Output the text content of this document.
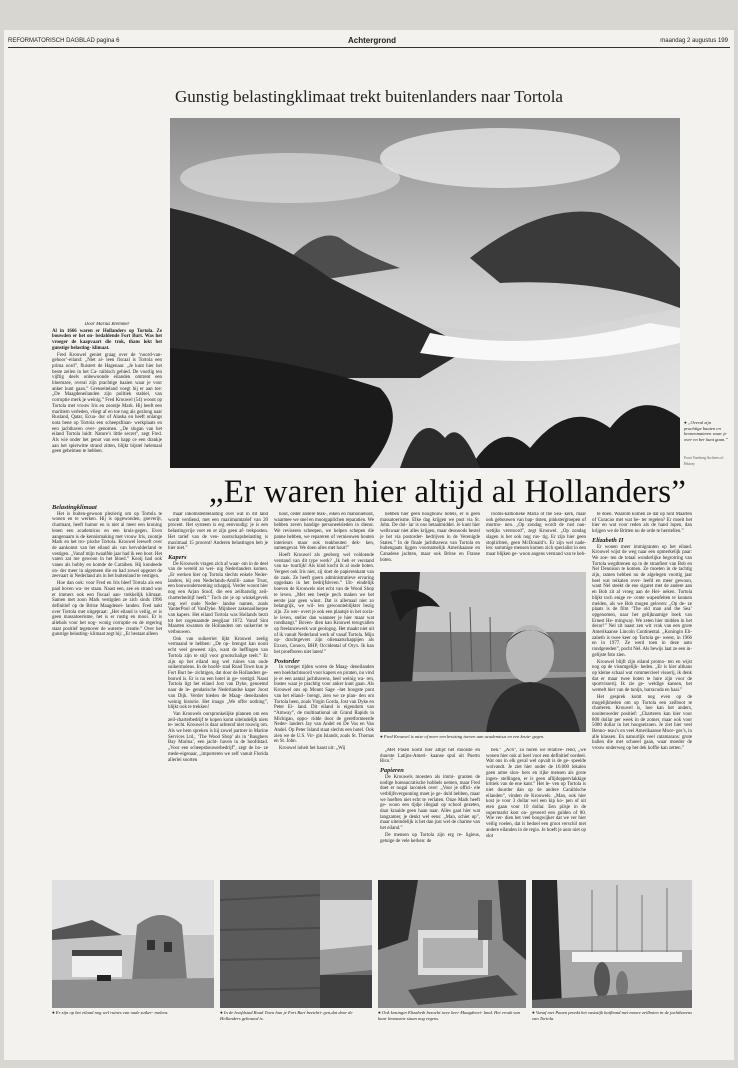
REFORMATORISCH DAGBLAD pagina 6	Achtergrond	maandag 2 augustus 199
Gunstig belastingklimaat trekt buitenlanders naar Tortola
● „Overal zijn prachtige baaien en kronenmateren waar je over en ber kunt gaan.”
Foort Voorberg Archives of History

Door Marius Bremmer

Al in 1666 waren er Hollanders op Tortola. Ze bouwden er het on- bedaldende Fort Burt. Was het vroeger de kaapvaart die trok, thans lokt het gunstige belasting- klimaat.

Fred Krouwel geniet graag over de ‘noord-van-gehoor’-eiland: „Niet al- leen fiscaal is Tortola een prima oord”, fluistert de Hagenaar. „Je kunt hier het beste zeilen in het Ca- raibisch gebied. De voorlig ten vijftig deels onbewoonde eilanden omtrent een bloemzee, overal zijn prachtige baaien waar je voor anker kunt gaan.” Grenseiteland voegt hij er aan toe: „De Maagdeneilanden zijn politiek stabiel, van corruptie merk je weinig.” Fred Krouwel (54) woont op Tortola met vrouw Iris en zoontje Mark. Hij heeft een maritiem verleden, vliegt af en toe nog als gezlong naar Rusland, Qatar, Ecua- dor of Alaska en heeft onlangs nota bene op Tortola een scheepsfinan- werkplaats en een jachthaven over- genomen. „De slogan van het eiland Tortola luidt: Nature’s little secret”, zegt Fred. Als wie onder het genot van een happ ce een drankje aan het spierwitte strand zitten, blijkt bijstel helemaal geen geheimen te hebben.

„Er waren hier altijd al Hollanders”
Belastingklimaat

Het is buiten-gewoon plezierig om op Tortola te wonen en te werken. Hij is opgewonden, goeverijt, charmant, heeft humor en is niet al meer een kroning lenen een academicus en een kruis-gegen. Even aangenaam is de kennismaking met vrouw Iris, zoontje Mark en het tro- pische Tortola. Krouwel leeweft over de aankomst van het eiland als van hervolderland te vestigen. „Vanaf mijn twaalfde jaar had ik een boot. Het varen zat me gewoon in het bloed.” Kooij had ook vanes als hobby en komde de Caraiben. Hij kondeede on- der meer in algemeen die en had zowel opgezet de zeevaart in Nederland als in het buitenland te vestigen.

Hoe dan ook: voor Fred en Iris bleef Tortola als een paal boven wa- ter staan. Naast een, zee en strand was er immers ook een fiscaal aan- trekkelijk klimaat. Samen met zoon Mark vestigden ze zich sinds 1996 definitief op de Britse Maagdenei- landen. Fred nakt over Tortola met uitgepraat: „Het eiland is veilig, er is geen massatoerisme, het is er rustig en mooi. Er is allebals voor het oog- wonig corruptie en de regering staat positief tegenover de waterre- creatie.” Over het gunstige belasting- klimaat zegt hij: „Er bestaat alleen

maar inkomstenbelasting over wat in dit land wordt verdiend, met een maximumtarief van 20 procent. Het systeem is erg eenvoudig: je is een belastingvrije voet en er zijn geen af- trekposten. Het tarief van de ven- nootschapsbelasting is maximaal 15 procent! Anderen belastingen heb je hier niet.”

Kapers

De Krouwels vragen zich af waar- om in de deel van de wereld zo wei- nig Nederlanders komen. „Er werken hier op Tortola slechts enkele Neder- landers, bij een Nederlands-Antilli- aanse Trust, een bouwonderneming schappij. Verder woont hier nog een Arjan Stoof, die een zeilbarsdig zeil- charterbedrijf heeft.” Toch zie je op winkelgevels nog wel oude Neder- landse namen, zoals VanterPool of VanDyke. Mijnheer zakenaolluepse van kapers. Het eiland Tortola was Hollands bezit tot het zogenaamde zeegijaar 1672. Vanaf Sint Maarten kwamen de Hollanders om suikerriet te verbouwen.

Ook van suikerriet lijkt Krouwel zeelig vermaand te hebben: „De op- brengst kan nooit echt veel geweest zijn, want de heffingen van Tortola zijn te stijl voor grootschalige teelt.” Er zijn op het eiland nog wel ruines van oude suikermolens. In de hoofd- stad Road Town kun je Fort Burt be- zichtigen, dat door de Hollanders ge- bouwd is. Er is nu een hotel in ge- vestigd. Naast Tortola ligt het eiland Jost van Dyke, genoemd naar de le- gendarische Nederlandse kaper Joost van Dijk. Verder hieden de Maag- deneilanden weinig historie. Het imago „We offer nothing”, blijkt ook te trekken!

Van Krouwels oorspronkelijke plannen om een zeil-charterbedrijf te kopen komt uiteindelijk niets te- recht. Krouwel is daar achteraf niet rouwig om. Als we hem spreken is hij zowel partner in Marine Services Ltd., ‘The Wood Shop’ als in ‘Baughers Bay Marina’, een jacht- haven in de hoofdstad. „Voor een scheepsbouwerbedrijf”, zegt de bo- ze mede-eigenaar, „importeren we zelf vanuit Florida allerlei soorten

hout, ceder andere teak-, eiken en mahoniehout, waarmee we snel en moorgaplichen reparatien. We hebben zeven handige personeelsleden in dienst. We reviseren scheepen, we helpen schepen die panne hebben, we repareren of vernieuwen houten interieurs maar ook teakhouten dek- ken, samengevat. We doen alles met hout!”

Hoeft Krouwel als geoborg wel voldoende verstand van dit type werk? „Ik heb er verstand van na- tuurlijk! Als kind kocht ik al oude boten. Vergeet ook Iris niet, zij doet de papierenkant van de zaak. Ze heeft goeru administratieve ervaring opgedaan in het bedrijfsleven.” Uit- eindelijk hoeven de Krouwels niet echt van de Wood Shop te leven. „Met een beetje pech maken we het eerste jaar geen winst. Dat is allemaal niet zo belangrijk, we wil- len gewoonteblijkter bezig zijn. Zo wer- overt je ook een plaatsje in het socia- le leven, steller dan wanneer je hier maar wat rondhangt.” Boven- dien kan Krouwel terugvallen op freelancewerk wat geologog. Het maakt niet uit of ik vanuit Nederland werk of vanaf Tortola. Mijn op- drachtgevers zijn olienaatschappijen als Exxon, Conoco, BHP, Occidental of Oryx. Ik kan het proefboren niet laten!”

Postorder

In vroeger tijden woren de Maag- deneilanden een boeldachtsoord voor kapers en piraten, nu vind je er een aantal jachthavens, heel weinig wa- ren, bustes waar je prachtig voor anker kunt gaan. Als Krouwel ons op Mount Sage –het hoogste punt van het eiland– brengt, zien we ze plan- den om Tortola heen, zoals Virgin Gorda, Jost van Dyke en Peter Ei- land. Dit eiland is eigendom van “Amway”, de multinational uit Grand Rapids in Michigan, oppo- ridde door de geretformeerde Neder- landers Jay van Andel en De Vos en Van Andel. Op Peter Island staat slechts een hotel. Ook zien we de U.S. Vir- gin Islands, zoals St. Thomas en St. John.

Krouwel ioheit het haast uit: „Wij

hebben hier geen hoogbouw hotels, er is geen massatoerisme. Elke dag krijgen we post via St. John. De dol- lar is ons betaalmiddel. Je kunt hier wellswaar niet alles krijgen, maar deonoods bestel je het via postorder- bedrijven in de Verenigde Staten.” In de finale jachthavens van Tortola en buitengaats liggen voornamelijk Amerikaanse en Canadese jachten, maar ook Britse en Franse boten.

rooms-katholieke Maria of the Sea- kerk, maar ook gebouwen van bap- tisten, pinkstergroepen of mormo- nen. „Op zondag wordt de rust nau- wetijks verstoord”, zegt Krouwel. „Op zondag slagen is het ook nog rus- tig. Er zijn hier geen stoplichten, geen McDonald’s. Er zijn wel nade- len: sommige mensen komen zich specialist in een maar blijken ge- woon angens verstand van te heb-

● Fred Krouwel is mise of meer een bruising toeven aan academicus en een kruiz- gegen.

„Met Pasen komt hier altijd het mooiste en duurste Latijns-Ameri- kaanse spul uit Puerto Rico.”

Papieren

De Krouwels moesten als immi- granten de nodige bureaucratische hobbels nemen, maar Fred doet er nogal laconiek over: „Voor je offici- ele verblijfsvergunning moet je ge- duld hebben, maar we hoeften niet echt te verlaten. Onze Mark heeft ge- woon een tijdje illegaal op school gezeten, daar kraaide geen haan naar. Alles gaat hier wat langzamer, je denkt wel eens: „Man, schiet op”, maar uiteindelijk is het dan just wel de charme van het eiland.”

De mensen op Tortola zijn erg re- ligieus, getuige de vele kerken: de

ben.” „Ach”, zo horen we relative- rend, „we wonen hier ook al heel voor een definitief oordeel. Wat ons in elk geval wel opvalt is de ge- speelde wolvandt. Je ziet hier onder de 16.000 lokalen geen arme slon- bers en rijke mensen als grote ingen- stellingen, er is geen aflijdoppervlakkige kritiek van de ene kant.” Het le- ven op Tortola is niet duurder dan op de andere Caraibische eilanden”, vinden de Krouwels. „Man, ook hier kost je voor 3 dollar wel een kip ko- pen of uit eten gaan voor 10 dollar. Een pilsje in de supermarkt kost on- geveerd een gulden of 80. Wie ver- dien het veel hoogwijker dat we ver hier veilig voelen, dat is bedoel een groot verschil met andere eilanden in de regio. Je hoeft je auto niet op slot

te doen. Waarom komen ze dat op Sint Maarten of Curacao met wat be- ter regelen? Er moeit het hier en wat voor reden als de hand lopen, dan krijgen we de Britten nu de orde te herstellen.”

Elizabeth II

Er wonen meer immigranten op het eiland. Krouwel wijst de weg naar een opmerkelijk paar: We zoe- ten de totaal wonderlijke begrotring van Tortola wegdtrenen op in de stranfiest van Bob en Nel Dennison te komen. Ze moeten in de tachtig zijn, ramen hebben nu de algelegen voortig jaar heel wat reikaten over- leefd en meer gewoon, want Nel steekt de ene sigaret met de andere aan en Bob zit al vroeg aan de Hei- neken. Tortola blijkt toch enige re- cente wapenfeiten te kunnen melden, als we Bob mogen geloven: „Op de- ze plaats is de film ‘The old man and the Sea’ opgenomen, naar het gelijknamige boek van Ernest He- mingway. We zeten hier midden in het decor!” Nel zit naast zen wit vrak van een grote Amerikaanse Lincoln Continental. „Koningin Eli- zabeth is twee keer op Tortola ge- weest, in 1966 en in 1977. Ze werd toen in deze auto rondgereden”, pocht Nel. Als bewijs laat ze een in- gelijste foto zien.

Krouwel blijft zijn eiland promo- ten en wijst nog op de visumgelijk- heden. „Er is hier althans op kleine schaal wat commercieel visserij, ik denk dat er maar twee boten te hure zijn voor de sportvisserij. Ik zie ge- weldige kansen, het wemelt hier van de tonijn, barracuda en haai.”

Het gesprek komt nog even op de mogelijkheden om op Tortola een zeilboot te charteren. Krouwel is, hoe kan het anders, nooitenweder positief: „Charteren kan hier voor 800 dollar per week in de zomer, maar ook voor 5000 dollar in het hoogseizoen. Je ziet hier veel Benno- teau’s en veel Amerikaanse Moor- ges’s, in alle klassen. En natuurlijk veel catamarans: grote hallen die met schoeel gaan, waar moeder de vrouw onderweg op het dek koffie kan zetten.”

● Er zijn op het eiland nog wel ruines van oude suiker- molens.	● In de hoofdstad Road Town hun je Fort Burt bezichti- gen,dat door de Hollanders gebouwd is.
● Ook koningin Elizabeth bezocht twee keer Maagdenei- land. Het vrouk van haar limousine staan nog ergens.
● Vanaf met Paaen pronkt het vaststijk haifbond met moore zeilboten in de jachthavens van Tortola.
